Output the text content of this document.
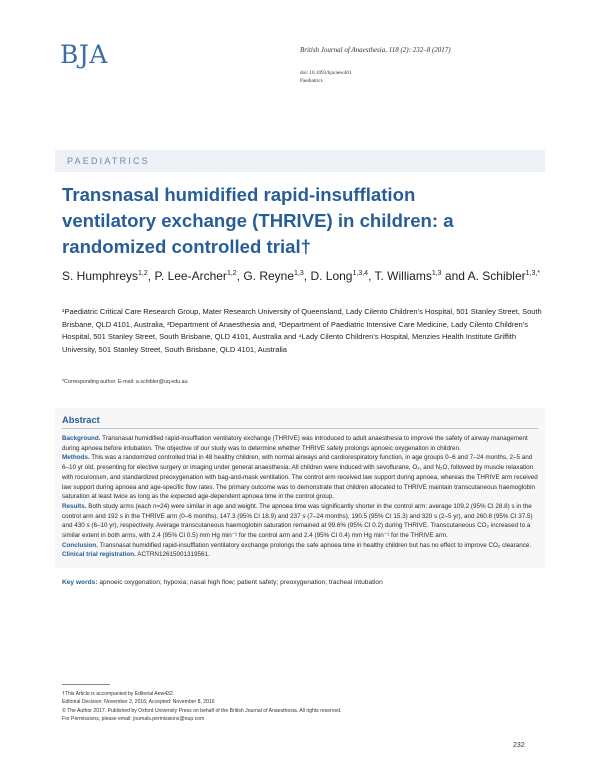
BJA	British Journal of Anaesthesia, 118 (2): 232–8 (2017)
doi: 10.1093/bja/aew401
Paediatrics
PAEDIATRICS
Transnasal humidified rapid-insufflation ventilatory exchange (THRIVE) in children: a randomized controlled trial†
S. Humphreys$^{1,2}$, P. Lee-Archer$^{1,2}$, G. Reyne$^{1,3}$, D. Long$^{1,3,4}$, T. Williams$^{1,3}$ and A. Schibler$^{1,3,*}$
¹Paediatric Critical Care Research Group, Mater Research University of Queensland, Lady Cilento Children’s Hospital, 501 Stanley Street, South Brisbane, QLD 4101, Australia, ²Department of Anaesthesia and, ³Department of Paediatric Intensive Care Medicine, Lady Cilento Children’s Hospital, 501 Stanley Street, South Brisbane, QLD 4101, Australia and ⁴Lady Cilento Children’s Hospital, Menzies Health Institute Griffith University, 501 Stanley Street, South Brisbane, QLD 4101, Australia
*Corresponding author. E-mail: a.schibler@uq.edu.au
Abstract

Background. Transnasal humidified rapid-insufflation ventilatory exchange (THRIVE) was introduced to adult anaesthesia to improve the safety of airway management during apnoea before intubation. The objective of our study was to determine whether THRIVE safely prolongs apnoeic oxygenation in children.

Methods. This was a randomized controlled trial in 48 healthy children, with normal airways and cardiorespiratory function, in age groups 0–6 and 7–24 months, 2–5 and 6–10 yr old, presenting for elective surgery or imaging under general anaesthesia. All children were induced with sevoflurane, O₂, and N₂O, followed by muscle relaxation with rocuronium, and standardized preoxygenation with bag-and-mask ventilation. The control arm received law support during apnoea, whereas the THRIVE arm received law support during apnoea and age-specific flow rates. The primary outcome was to demonstrate that children allocated to THRIVE maintain transcutaneous haemoglobin saturation at least twice as long as the expected age-dependent apnoea time in the control group.

Results. Both study arms (each n=24) were similar in age and weight. The apnoea time was significantly shorter in the control arm: average 109.2 (95% CI 28.8) s in the control arm and 192 s in the THRIVE arm (0–6 months), 147.3 (95% CI 18.9) and 237 s (7–24 months), 190.5 (95% CI 15.3) and 320 s (2–5 yr), and 260.8 (95% CI 37.5) and 430 s (6–10 yr), respectively. Average transcutaneous haemoglobin saturation remained at 99.6% (95% CI 0.2) during THRIVE. Transcutaneous CO₂ increased to a similar extent in both arms, with 2.4 (95% CI 0.5) mm Hg min⁻¹ for the control arm and 2.4 (95% CI 0.4) mm Hg min⁻¹ for the THRIVE arm.

Conclusion. Transnasal humidified rapid-insufflation ventilatory exchange prolongs the safe apnoea time in healthy children but has no effect to improve CO₂ clearance.

Clinical trial registration. ACTRN12615001319561.

Key words: apnoeic oxygenation; hypoxia; nasal high flow; patient safety; preoxygenation; tracheal intubation
†This Article is accompanied by Editorial Aew432.
Editorial Decision: November 2, 2016; Accepted: November 8, 2016
© The Author 2017. Published by Oxford University Press on behalf of the British Journal of Anaesthesia. All rights reserved.
For Permissions, please email: journals.permissions@oup.com
232
